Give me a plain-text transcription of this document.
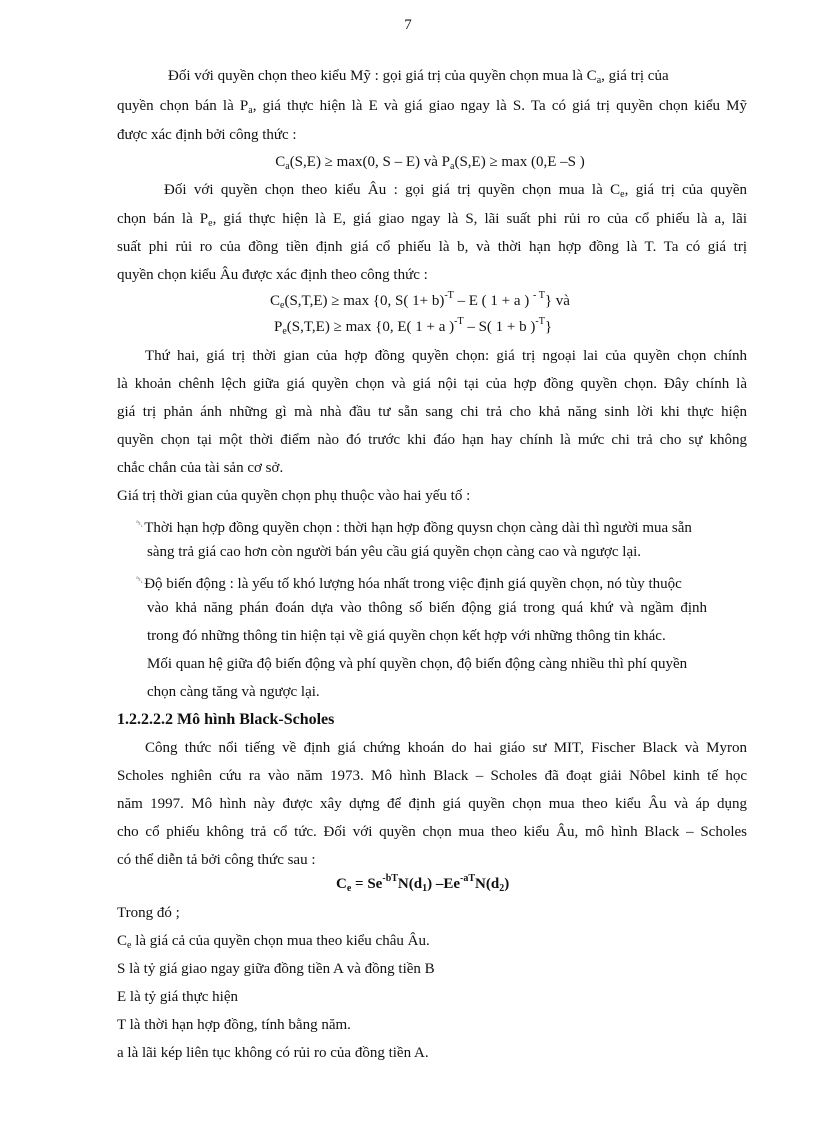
7
Đối với quyền chọn theo kiểu Mỹ : gọi giá trị của quyền chọn mua là $C_a$, giá trị của
quyền chọn bán là $P_a$, giá thực hiện là E và giá giao ngay là S. Ta có giá trị quyền chọn kiểu Mỹ
được xác định bởi công thức :
$C_a(S,E) \ge \max(0$, S – E) và $P_a(S,E) \ge \max (0,E$ –S )
Đối với quyền chọn theo kiểu Âu : gọi giá trị quyền chọn mua là $C_e$, giá trị của quyền
chọn bán là $P_e$, giá thực hiện là E, giá giao ngay là S, lãi suất phi rủi ro của cổ phiếu là a, lãi
suất phi rủi ro của đồng tiền định giá cổ phiếu là b, và thời hạn hợp đồng là T. Ta có giá trị
quyền chọn kiểu Âu được xác định theo công thức :
$C_e(S,T,E) \ge \max \{0$, S( 1+ b)$^{-T}$ – E ( 1 + a ) $^{- T}$} và
$P_e(S,T,E) \ge \max \{0$, E( 1 + a )$^{-T}$ – S( 1 + b )$^{-T}$}
Thứ hai, giá trị thời gian của hợp đồng quyền chọn: giá trị ngoại lai của quyền chọn chính
là khoản chênh lệch giữa giá quyền chọn và giá nội tại của hợp đồng quyền chọn. Đây chính là
giá trị phản ánh những gì mà nhà đầu tư sẵn sang chi trả cho khả năng sinh lời khi thực hiện
quyền chọn tại một thời điểm nào đó trước khi đáo hạn hay chính là mức chi trả cho sự không
chắc chắn của tài sản cơ sở.
Giá trị thời gian của quyền chọn phụ thuộc vào hai yếu tố :
␡Thời hạn hợp đồng quyền chọn : thời hạn hợp đồng quysn chọn càng dài thì người mua sẵn
sàng trả giá cao hơn còn người bán yêu cầu giá quyền chọn càng cao và ngược lại.
␡Độ biến động : là yếu tố khó lượng hóa nhất trong việc định giá quyền chọn, nó tùy thuộc
vào khả năng phán đoán dựa vào thông số biến động giá trong quá khứ và ngầm định
trong đó những thông tin hiện tại về giá quyền chọn kết hợp với những thông tin khác.
Mối quan hệ giữa độ biến động và phí quyền chọn, độ biến động càng nhiều thì phí quyền
chọn càng tăng và ngược lại.
1.2.2.2.2 Mô hình Black-Scholes
Công thức nổi tiếng về định giá chứng khoán do hai giáo sư MIT, Fischer Black và Myron
Scholes nghiên cứu ra vào năm 1973. Mô hình Black – Scholes đã đoạt giải Nôbel kinh tế học
năm 1997. Mô hình này được xây dựng để định giá quyền chọn mua theo kiểu Âu và áp dụng
cho cổ phiếu không trả cổ tức. Đối với quyền chọn mua theo kiểu Âu, mô hình Black – Scholes
có thể diễn tả bởi công thức sau :
$C_e = Se^{-bT}N(d_1)$ $-Ee^{-aT}N(d_2)$
Trong đó ;
$C_e$ là giá cả của quyền chọn mua theo kiểu châu Âu.
S là tỷ giá giao ngay giữa đồng tiền A và đồng tiền B
E là tỷ giá thực hiện
T là thời hạn hợp đồng, tính bằng năm.
a là lãi kép liên tục không có rủi ro của đồng tiền A.
